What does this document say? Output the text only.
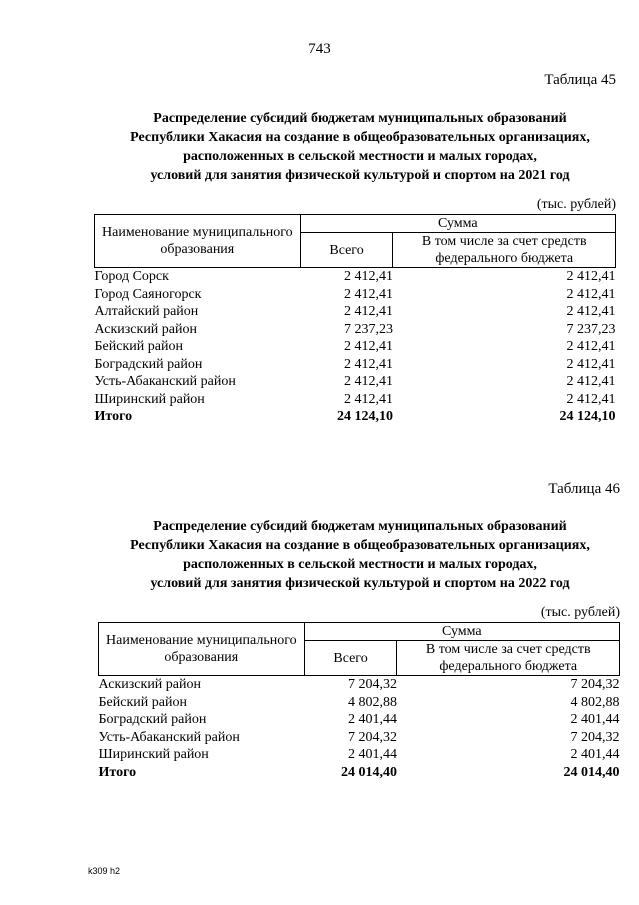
743
Таблица 45
Распределение субсидий бюджетам муниципальных образований
Республики Хакасия на создание в общеобразовательных организациях,
расположенных в сельской местности и малых городах,
условий для занятия физической культурой и спортом на 2021 год
(тыс. рублей)
Наименование муниципального образования	Сумма	
	Всего	В том числе за счет средств федерального бюджета
Город Сорск	2 412,41	2 412,41
Город Саяногорск	2 412,41	2 412,41
Алтайский район	2 412,41	2 412,41
Аскизский район	7 237,23	7 237,23
Бейский район	2 412,41	2 412,41
Боградский район	2 412,41	2 412,41
Усть-Абаканский район	2 412,41	2 412,41
Ширинский район	2 412,41	2 412,41
Итого	24 124,10	24 124,10
Таблица 46
Распределение субсидий бюджетам муниципальных образований
Республики Хакасия на создание в общеобразовательных организациях,
расположенных в сельской местности и малых городах,
условий для занятия физической культурой и спортом на 2022 год
(тыс. рублей)
Наименование муниципального образования	Сумма	
	Всего	В том числе за счет средств федерального бюджета
Аскизский район	7 204,32	7 204,32
Бейский район	4 802,88	4 802,88
Боградский район	2 401,44	2 401,44
Усть-Абаканский район	7 204,32	7 204,32
Ширинский район	2 401,44	2 401,44
Итого	24 014,40	24 014,40
k309 h2
